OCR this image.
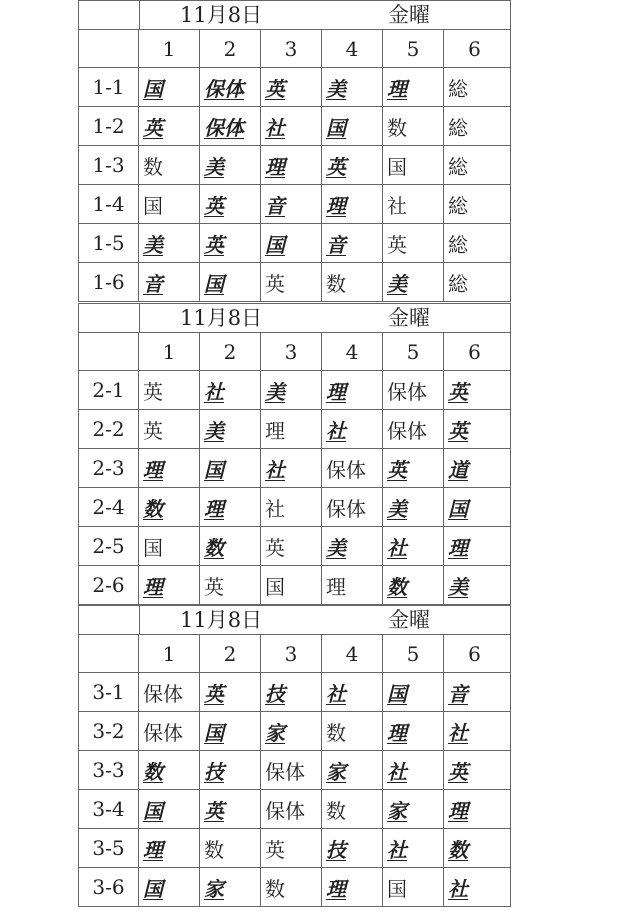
11月8日	金曜
1	2	3	4	5	6
1-1 国	保体	英	美	理	総
1-2 英	保体	社	国	数	総
1-3 数	美	理	英	国	総
1-4 国	英	音	理	社	総
1-5 美	英	国	音	英	総
1-6 音	国	英	数	美	総
11月8日	金曜
1	2	3	4	5	6
2-1 英	社	美	理	保体	英
2-2 英	美	理	社	保体	英
2-3 理	国	社	保体	英	道
2-4 数	理	社	保体	美	国
2-5 国	数	英	美	社	理
2-6 理	英	国	理	数	美
11月8日	金曜
1	2	3	4	5	6
3-1 保体	英	技	社	国	音
3-2 保体	国	家	数	理	社
3-3 数	技	保体	家	社	英
3-4 国	英	保体	数	家	理
3-5 理	数	英	技	社	数
3-6 国	家	数	理	国	社
